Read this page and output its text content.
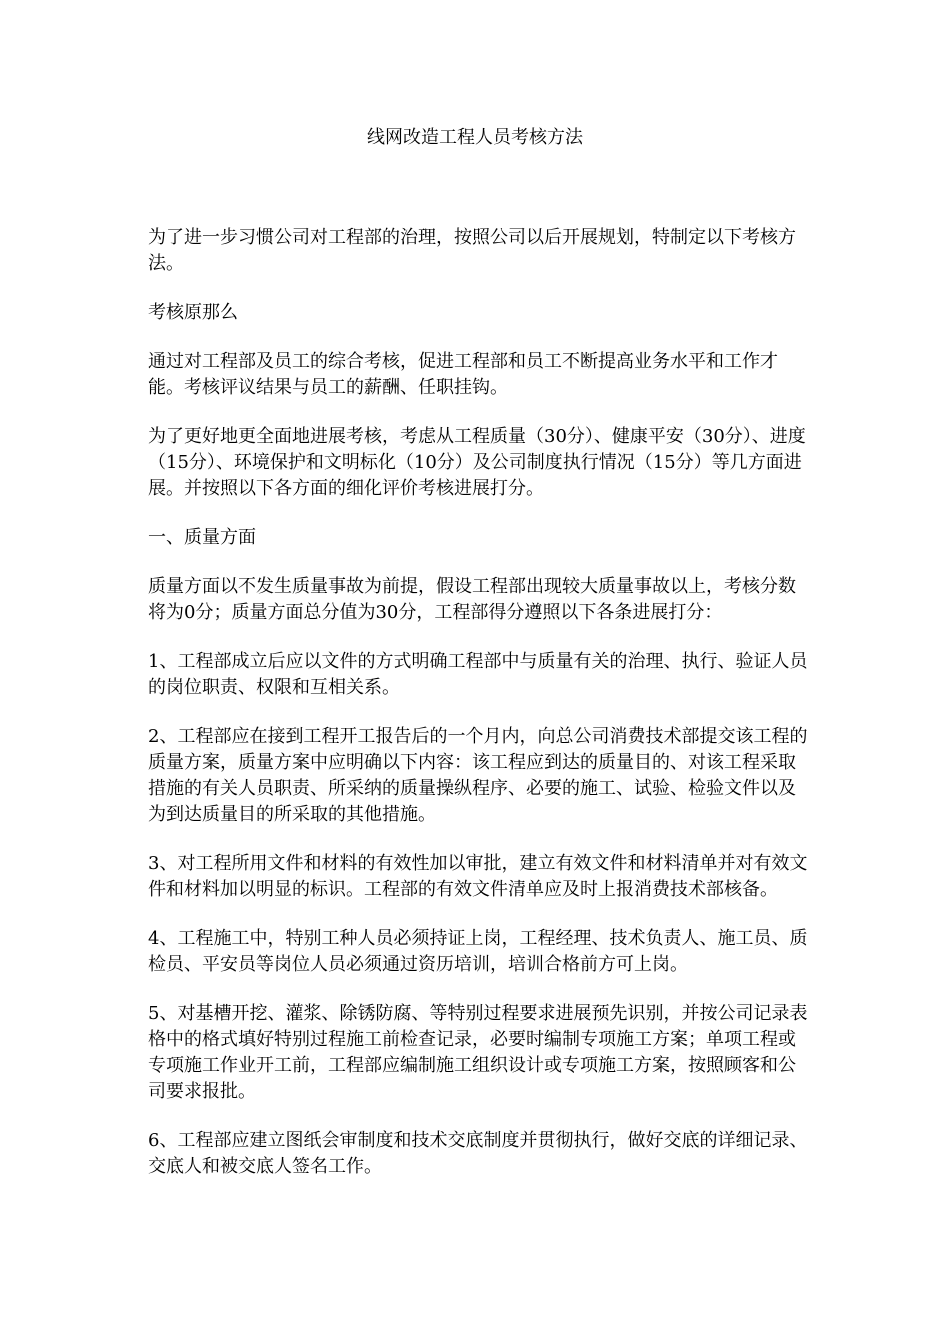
线网改造工程人员考核方法

为了进一步习惯公司对工程部的治理，按照公司以后开展规划，特制定以下考核方法。

考核原那么

通过对工程部及员工的综合考核，促进工程部和员工不断提高业务水平和工作才能。考核评议结果与员工的薪酬、任职挂钩。

为了更好地更全面地进展考核，考虑从工程质量（30分）、健康平安（30分）、进度（15分）、环境保护和文明标化（10分）及公司制度执行情况（15分）等几方面进展。并按照以下各方面的细化评价考核进展打分。

一、质量方面

质量方面以不发生质量事故为前提，假设工程部出现较大质量事故以上，考核分数将为0分；质量方面总分值为30分，工程部得分遵照以下各条进展打分：

1、工程部成立后应以文件的方式明确工程部中与质量有关的治理、执行、验证人员的岗位职责、权限和互相关系。

2、工程部应在接到工程开工报告后的一个月内，向总公司消费技术部提交该工程的质量方案，质量方案中应明确以下内容：该工程应到达的质量目的、对该工程采取措施的有关人员职责、所采纳的质量操纵程序、必要的施工、试验、检验文件以及为到达质量目的所采取的其他措施。

3、对工程所用文件和材料的有效性加以审批，建立有效文件和材料清单并对有效文件和材料加以明显的标识。工程部的有效文件清单应及时上报消费技术部核备。

4、工程施工中，特别工种人员必须持证上岗，工程经理、技术负责人、施工员、质检员、平安员等岗位人员必须通过资历培训，培训合格前方可上岗。

5、对基槽开挖、灌浆、除锈防腐、等特别过程要求进展预先识别，并按公司记录表格中的格式填好特别过程施工前检查记录，必要时编制专项施工方案；单项工程或专项施工作业开工前，工程部应编制施工组织设计或专项施工方案，按照顾客和公司要求报批。

6、工程部应建立图纸会审制度和技术交底制度并贯彻执行，做好交底的详细记录、交底人和被交底人签名工作。
